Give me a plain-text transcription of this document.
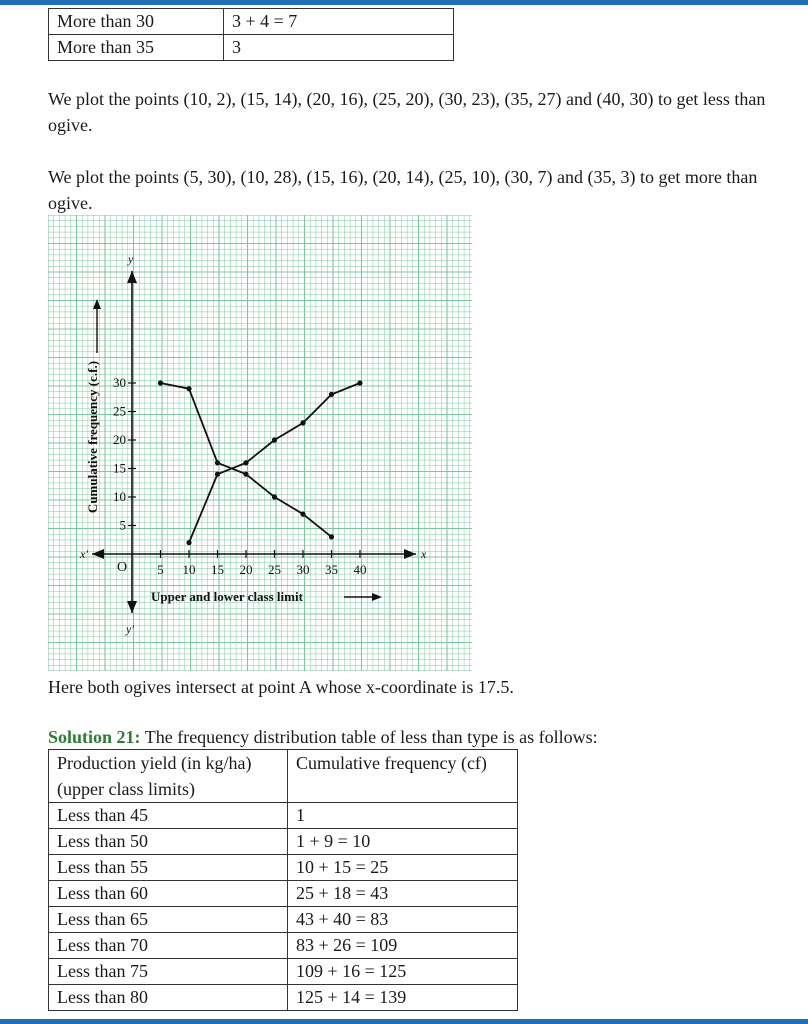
More than 30	3 + 4 = 7
More than 35	3

We plot the points (10, 2), (15, 14), (20, 16), (25, 20), (30, 23), (35, 27) and (40, 30) to get less than ogive.

We plot the points (5, 30), (10, 28), (15, 16), (20, 14), (25, 10), (30, 7) and (35, 3) to get more than ogive.

x
x′
y
y′
O 5 10 15 20 25 30 35 40
5
10
15
20
25
30
Cumulative frequency (c.f.)
Upper and lower class limit

Here both ogives intersect at point A whose x-coordinate is 17.5.

Solution 21: The frequency distribution table of less than type is as follows:

Production yield (in kg/ha) (upper class limits)	Cumulative frequency (cf)
Less than 45	1
Less than 50	1 + 9 = 10
Less than 55	10 + 15 = 25
Less than 60	25 + 18 = 43
Less than 65	43 + 40 = 83
Less than 70	83 + 26 = 109
Less than 75	109 + 16 = 125
Less than 80	125 + 14 = 139
